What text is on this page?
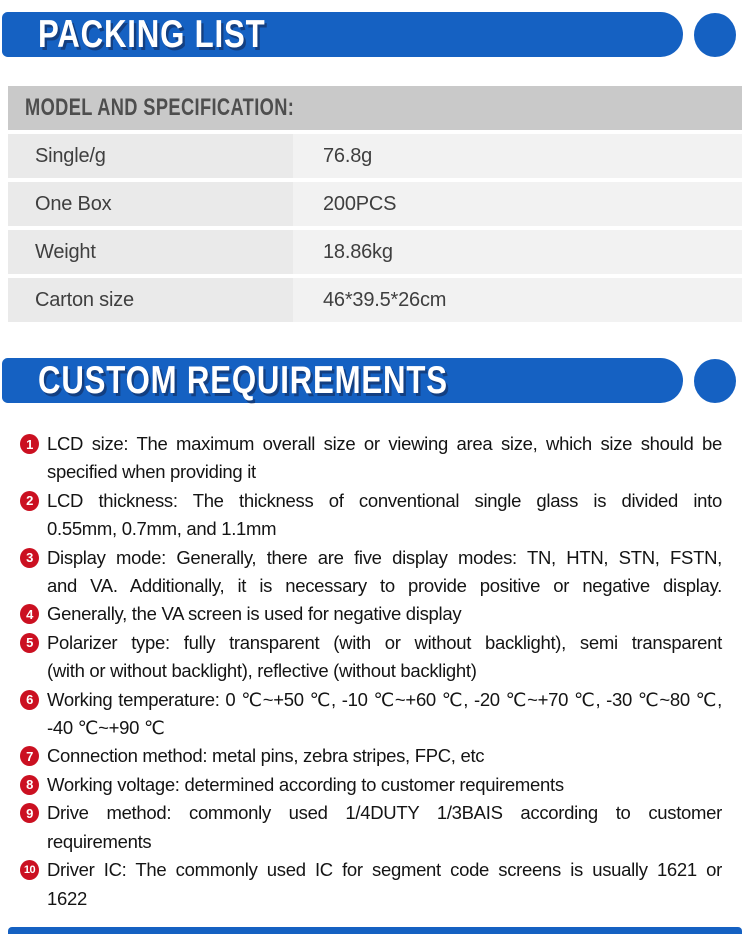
PACKING LIST
MODEL AND SPECIFICATION:
Single/g	76.8g
One Box	200PCS
Weight	18.86kg
Carton size	46*39.5*26cm
CUSTOM REQUIREMENTS
1 LCD size: The maximum overall size or viewing area size, which size should be
specified when providing it
2 LCD thickness: The thickness of conventional single glass is divided into
0.55mm, 0.7mm, and 1.1mm
3 Display mode: Generally, there are five display modes: TN, HTN, STN, FSTN,
and VA. Additionally, it is necessary to provide positive or negative display.
4 Generally, the VA screen is used for negative display
5 Polarizer type: fully transparent (with or without backlight), semi transparent
(with or without backlight), reflective (without backlight)
6 Working temperature: 0 ℃~+50 ℃, -10 ℃~+60 ℃, -20 ℃~+70 ℃, -30 ℃~80 ℃,
-40 ℃~+90 ℃
7 Connection method: metal pins, zebra stripes, FPC, etc
8 Working voltage: determined according to customer requirements
9 Drive method: commonly used 1/4DUTY 1/3BAIS according to customer
requirements
10 Driver IC: The commonly used IC for segment code screens is usually 1621 or
1622
